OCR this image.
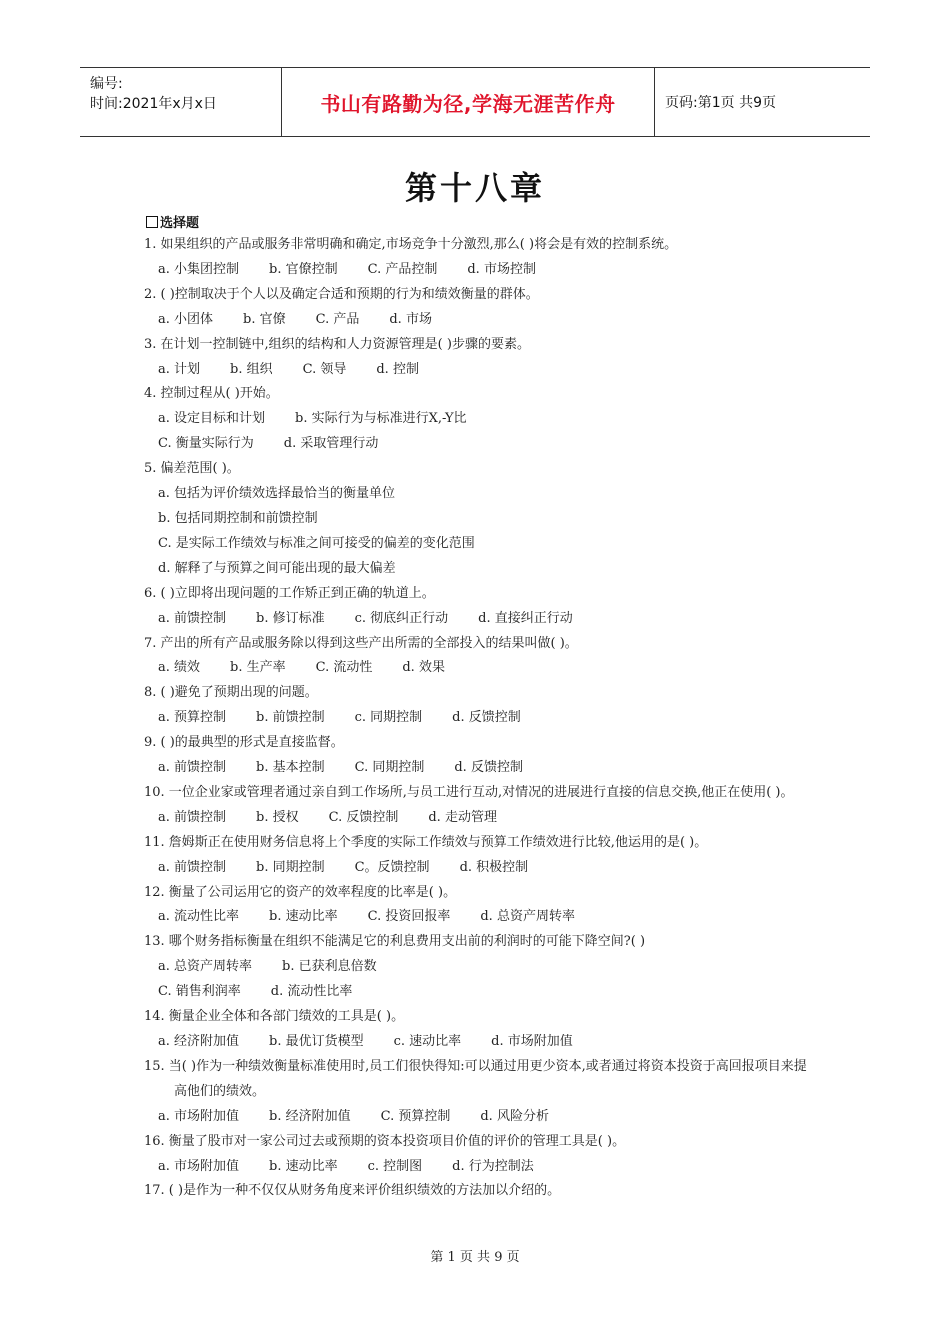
编号:
时间:2021年x月x日	书山有路勤为径,学海无涯苦作舟	页码:第1页 共9页
第十八章
选择题

1. 如果组织的产品或服务非常明确和确定,市场竞争十分激烈,那么( )将会是有效的控制系统。

a. 小集团控制 b. 官僚控制 C. 产品控制 d. 市场控制

2. ( )控制取决于个人以及确定合适和预期的行为和绩效衡量的群体。

a. 小团体 b. 官僚 C. 产品 d. 市场

3. 在计划一控制链中,组织的结构和人力资源管理是( )步骤的要素。

a. 计划 b. 组织 C. 领导 d. 控制

4. 控制过程从( )开始。

a. 设定目标和计划 b. 实际行为与标准进行X,-Y比

C. 衡量实际行为 d. 采取管理行动

5. 偏差范围( )。

a. 包括为评价绩效选择最恰当的衡量单位

b. 包括同期控制和前馈控制

C. 是实际工作绩效与标准之间可接受的偏差的变化范围

d. 解释了与预算之间可能出现的最大偏差

6. ( )立即将出现问题的工作矫正到正确的轨道上。

a. 前馈控制 b. 修订标准 c. 彻底纠正行动 d. 直接纠正行动

7. 产出的所有产品或服务除以得到这些产出所需的全部投入的结果叫做( )。

a. 绩效 b. 生产率 C. 流动性 d. 效果

8. ( )避免了预期出现的问题。

a. 预算控制 b. 前馈控制 c. 同期控制 d. 反馈控制

9. ( )的最典型的形式是直接监督。

a. 前馈控制 b. 基本控制 C. 同期控制 d. 反馈控制

10. 一位企业家或管理者通过亲自到工作场所,与员工进行互动,对情况的进展进行直接的信息交换,他正在使用( )。

a. 前馈控制 b. 授权 C. 反馈控制 d. 走动管理

11. 詹姆斯正在使用财务信息将上个季度的实际工作绩效与预算工作绩效进行比较,他运用的是( )。

a. 前馈控制 b. 同期控制 C。反馈控制 d. 积极控制

12. 衡量了公司运用它的资产的效率程度的比率是( )。

a. 流动性比率 b. 速动比率 C. 投资回报率 d. 总资产周转率

13. 哪个财务指标衡量在组织不能满足它的利息费用支出前的利润时的可能下降空间?( )

a. 总资产周转率 b. 已获利息倍数

C. 销售利润率 d. 流动性比率

14. 衡量企业全体和各部门绩效的工具是( )。

a. 经济附加值 b. 最优订货模型 c. 速动比率 d. 市场附加值

15. 当( )作为一种绩效衡量标准使用时,员工们很快得知:可以通过用更少资本,或者通过将资本投资于高回报项目来提高他们的绩效。

a. 市场附加值 b. 经济附加值 C. 预算控制 d. 风险分析

16. 衡量了股市对一家公司过去或预期的资本投资项目价值的评价的管理工具是( )。

a. 市场附加值 b. 速动比率 c. 控制图 d. 行为控制法

17. ( )是作为一种不仅仅从财务角度来评价组织绩效的方法加以介绍的。

第 1 页 共 9 页
